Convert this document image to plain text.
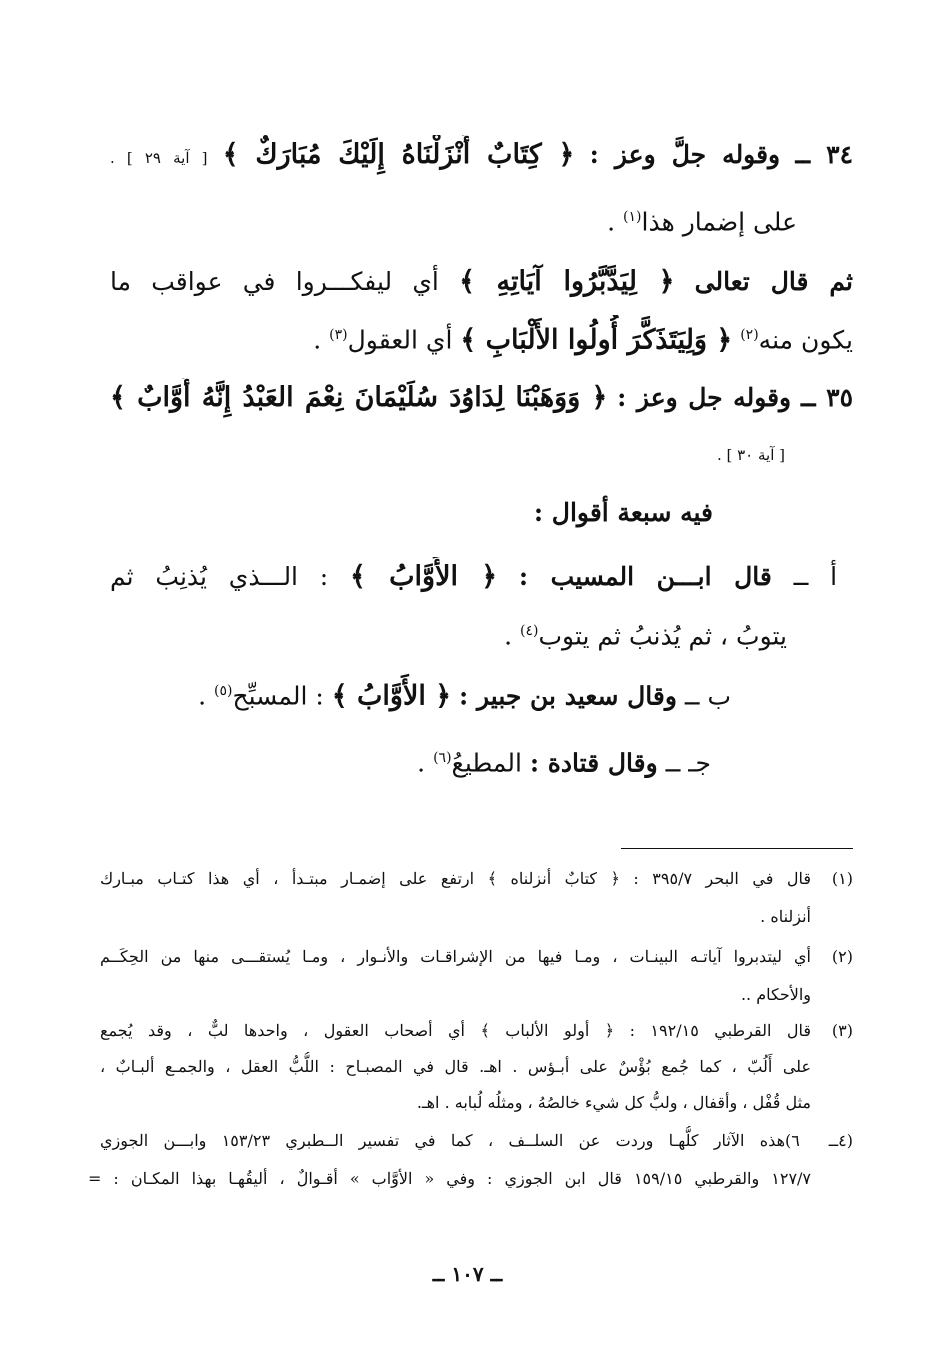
٣٤ ــ وقوله جلَّ وعز : ﴿ كِتَابٌ أَنْزَلْنَاهُ إِلَيْكَ مُبَارَكٌ ﴾ [ آية ٢٩ ] .
على إضمار هذا$^{(١)}$ .
ثم قال تعالى ﴿ لِيَدَّبَّرُوا آيَاتِهِ ﴾ أي ليفكـــروا في عواقب ما
يكون منه$^{(٢)}$ ﴿ وَلِيَتَذَكَّرَ أُولُوا الأَلْبَابِ ﴾ أي العقول$^{(٣)}$ .
٣٥ ــ وقوله جل وعز : ﴿ وَوَهَبْنَا لِدَاوُدَ سُلَيْمَانَ نِعْمَ العَبْدُ إِنَّهُ أَوَّابٌ ﴾
[ آية ٣٠ ] .
فيه سبعة أقوال :
أ ــ قال ابـــن المسيب : ﴿ الأَوَّابُ ﴾ : الـــذي يُذنِبُ ثم
يتوبُ ، ثم يُذنبُ ثم يتوب$^{(٤)}$ .
ب ــ وقال سعيد بن جبير : ﴿ الأَوَّابُ ﴾ : المسبِّح$^{(٥)}$ .
جـ ــ وقال قتادة : المطيعُ$^{(٦)}$ .
(١)قال في البحر ٣٩٥/٧ : ﴿ كتابٌ أنزلناه ﴾ ارتفع على إضمـار مبتـدأ ، أي هذا كتـاب مبـارك
أنزلناه .
(٢)أي ليتدبروا آياتـه البينـات ، ومـا فيها من الإشراقـات والأنـوار ، ومـا يُستقـــى منها من الحِكَــم
والأحكام ..
(٣)قال القرطبي ١٩٢/١٥ : ﴿ أولو الألباب ﴾ أي أصحاب العقول ، واحدها لبٌّ ، وقد يُجمع
على أَلُبّ ، كما جُمع بُؤْسٌ على أبـؤس . اهـ. قال في المصبـاح : اللُّبُّ العقل ، والجمـع ألبـابٌ ،
مثل قُفْل ، وأقفال ، ولبُّ كل شيء خالصُهُ ، ومثلُه لُبابه . اهـ.
(٤ــ ٦)هذه الآثار كلُّهـا وردت عن السلــف ، كما في تفسير الــطبري ١٥٣/٢٣ وابـــن الجوزي
١٢٧/٧ والقرطبي ١٥٩/١٥ قال ابن الجوزي : وفي « الأوَّاب » أقـوالٌ ، أليقُهـا بهذا المكـان : =
ــ ١٠٧ ــ
